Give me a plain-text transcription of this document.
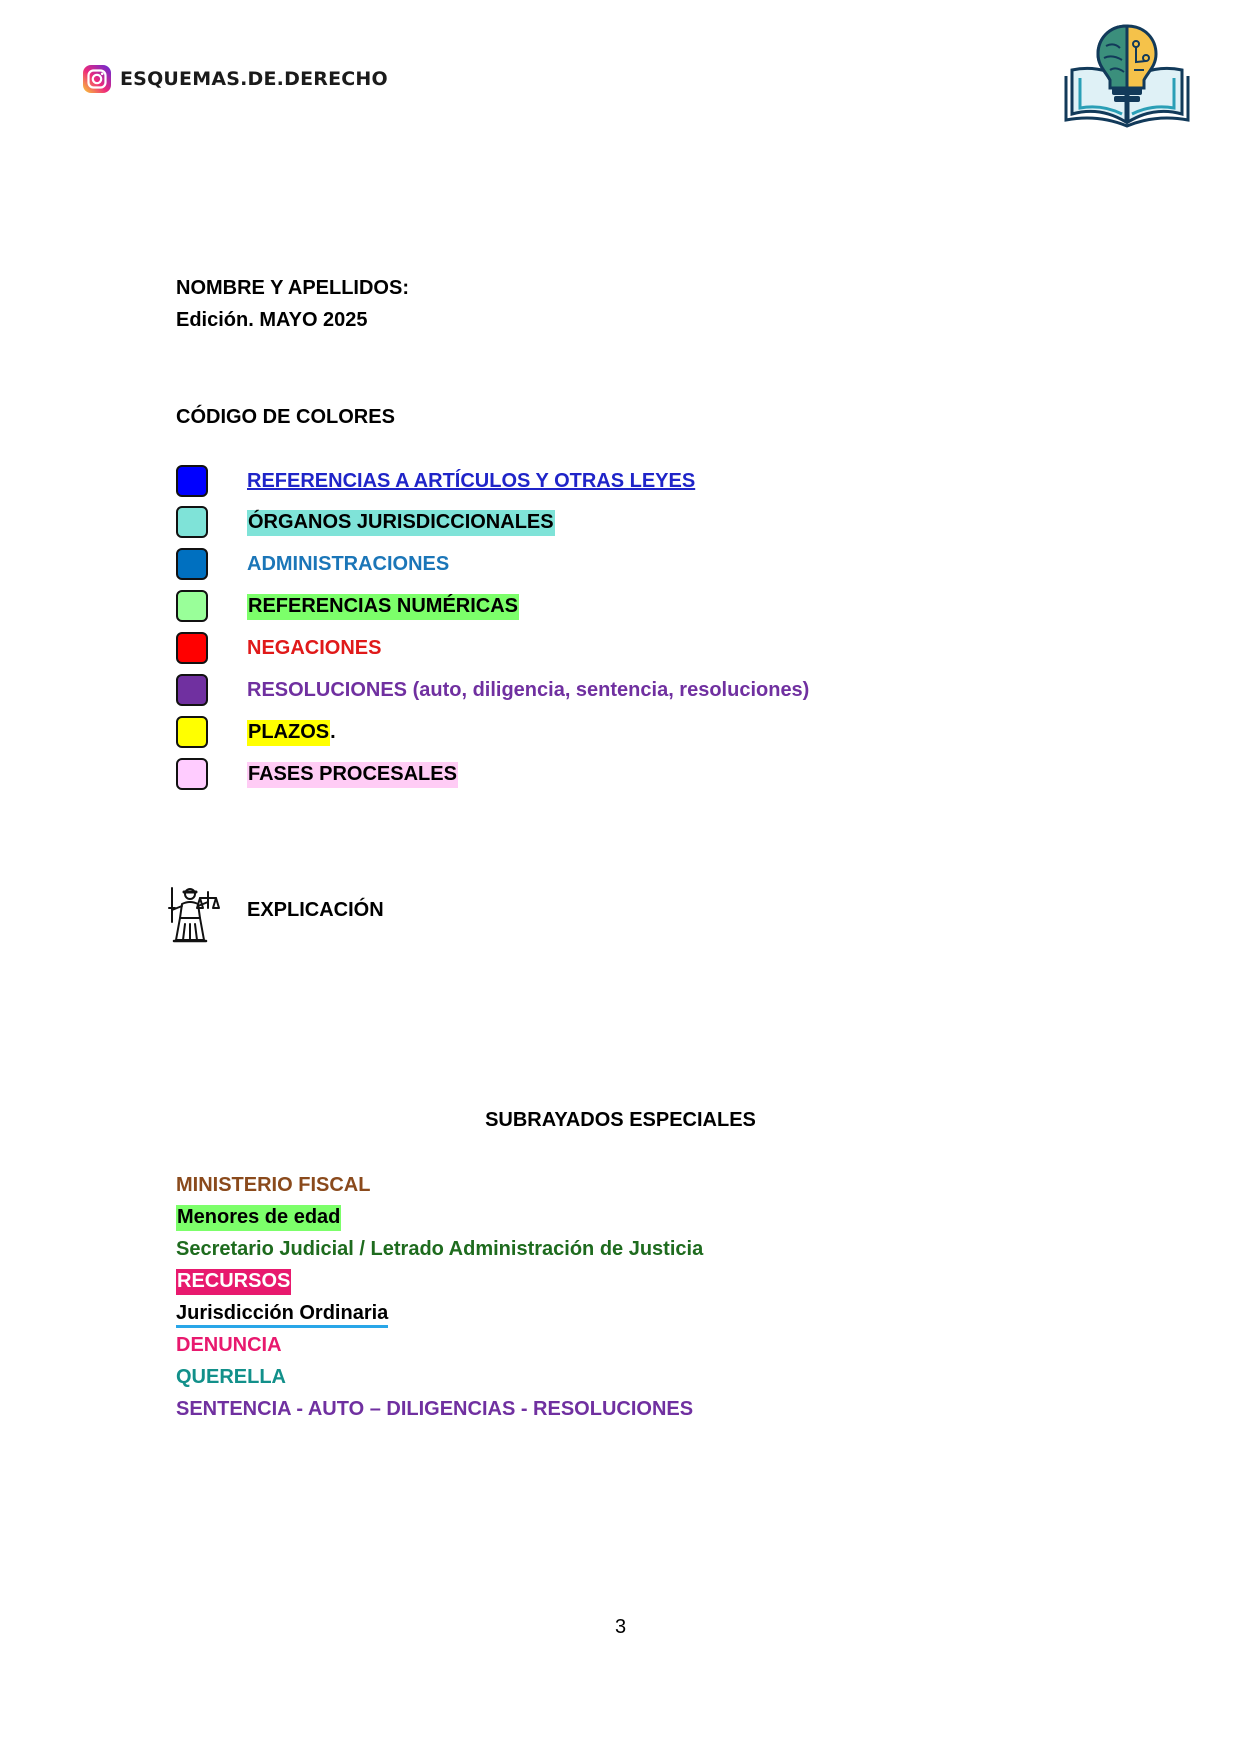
ESQUEMAS.DE.DERECHO
NOMBRE Y APELLIDOS:
Edición. MAYO 2025
CÓDIGO DE COLORES
REFERENCIAS A ARTÍCULOS Y OTRAS LEYES
ÓRGANOS JURISDICCIONALES
ADMINISTRACIONES
REFERENCIAS NUMÉRICAS
NEGACIONES
RESOLUCIONES (auto, diligencia, sentencia, resoluciones)
PLAZOS.
FASES PROCESALES
EXPLICACIÓN
SUBRAYADOS ESPECIALES
MINISTERIO FISCAL
Menores de edad
Secretario Judicial / Letrado Administración de Justicia
RECURSOS
Jurisdicción Ordinaria
DENUNCIA
QUERELLA
SENTENCIA - AUTO – DILIGENCIAS - RESOLUCIONES
3
